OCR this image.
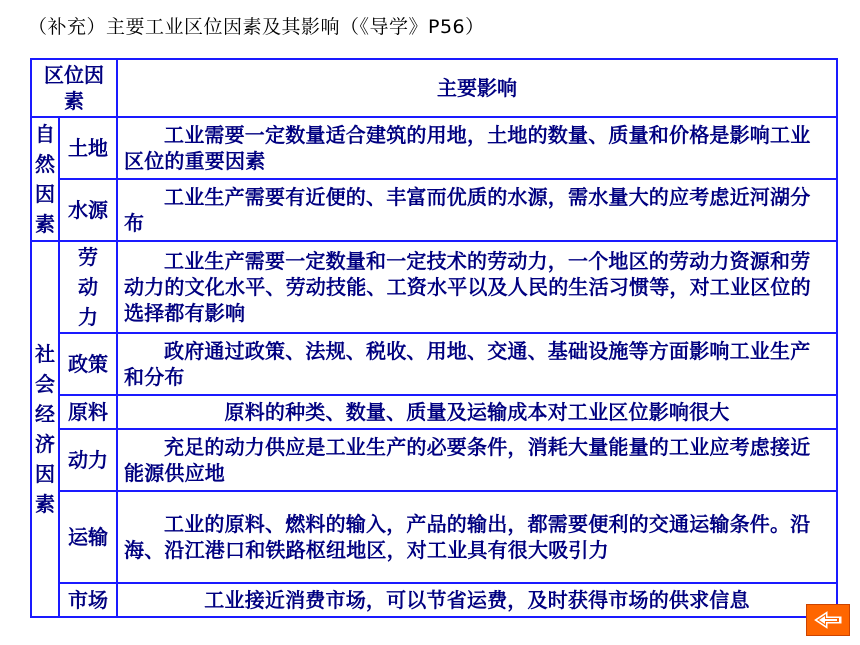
（补充）主要工业区位因素及其影响（《导学》P56）
区位因素		主要影响

自然因素	土地	工业需要一定数量适合建筑的用地，土地的数量、质量和价格是影响工业区位的重要因素
	水源	工业生产需要有近便的、丰富而优质的水源，需水量大的应考虑近河湖分布

社会经济因素	劳动力	工业生产需要一定数量和一定技术的劳动力，一个地区的劳动力资源和劳动力的文化水平、劳动技能、工资水平以及人民的生活习惯等，对工业区位的选择都有影响
	政策	政府通过政策、法规、税收、用地、交通、基础设施等方面影响工业生产和分布
	原料	原料的种类、数量、质量及运输成本对工业区位影响很大
	动力	充足的动力供应是工业生产的必要条件，消耗大量能量的工业应考虑接近能源供应地
	运输	工业的原料、燃料的输入，产品的输出，都需要便利的交通运输条件。沿海、沿江港口和铁路枢纽地区，对工业具有很大吸引力
	市场	工业接近消费市场，可以节省运费，及时获得市场的供求信息
